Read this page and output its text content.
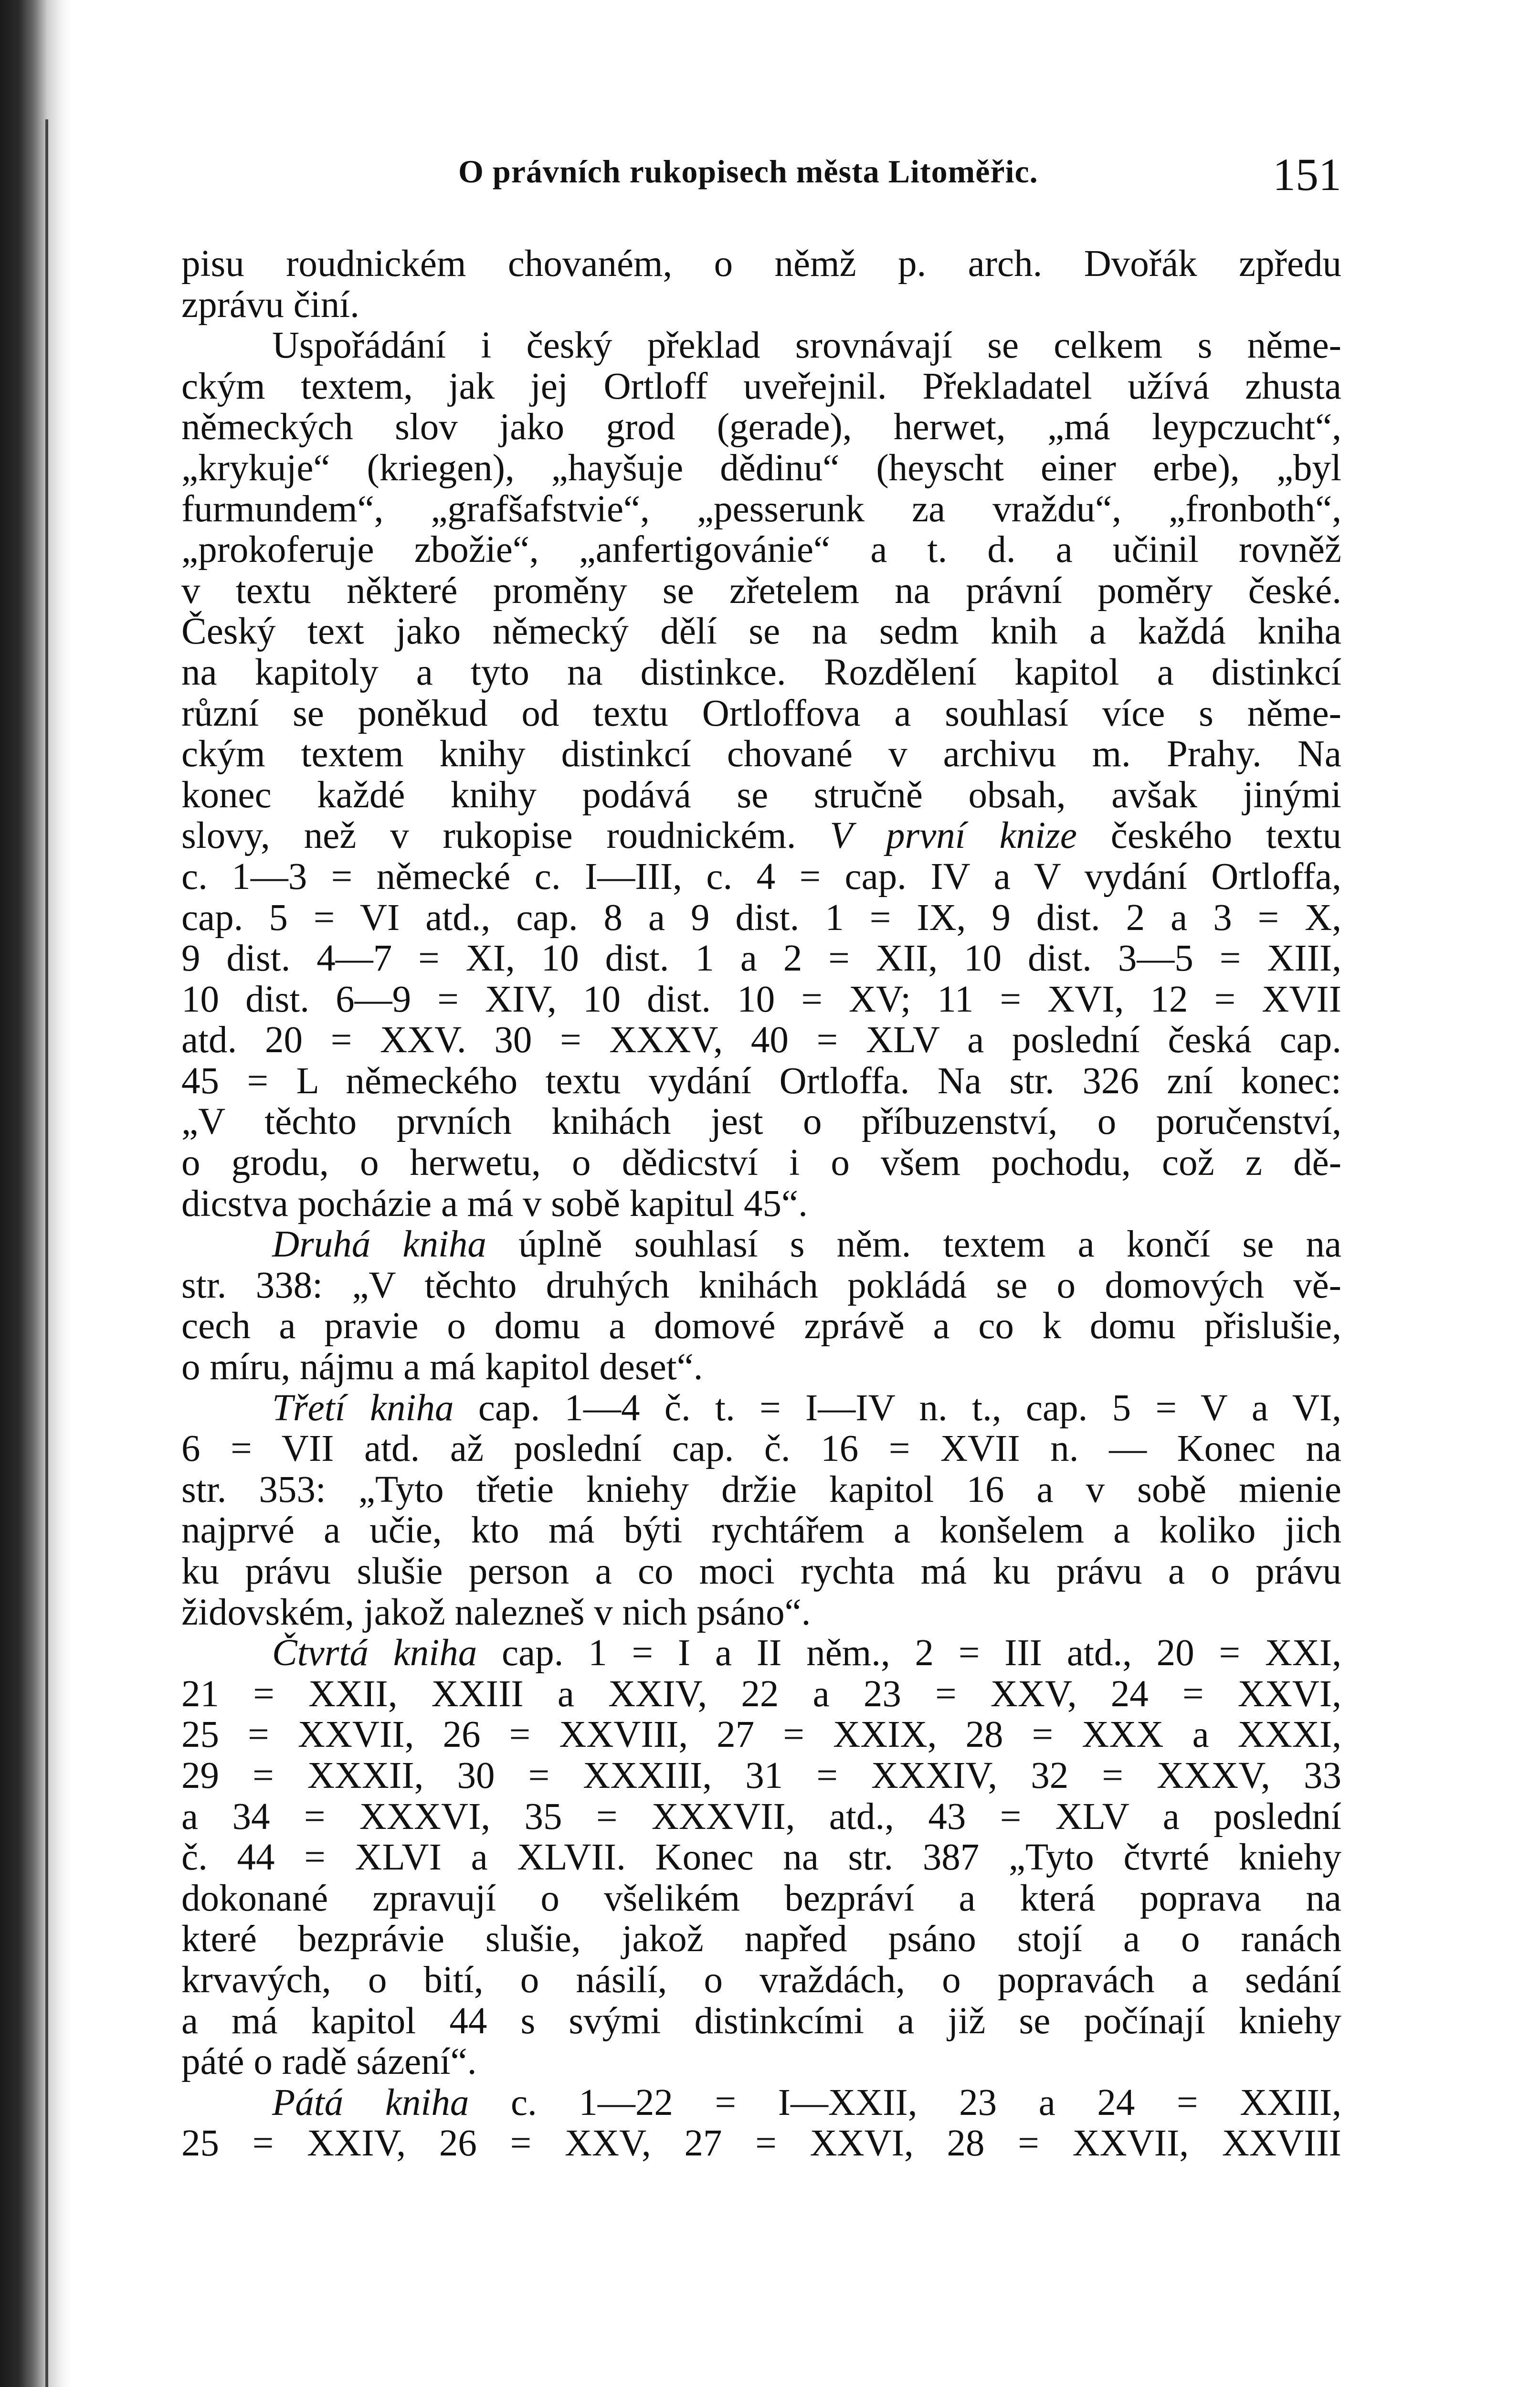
O právních rukopisech města Litoměřic.	151
pisu roudnickém chovaném, o němž p. arch. Dvořák zpředu
zprávu činí.
Uspořádání i český překlad srovnávají se celkem s něme-
ckým textem, jak jej Ortloff uveřejnil. Překladatel užívá zhusta
německých slov jako grod (gerade), herwet, „má leypczucht“,
„krykuje“ (kriegen), „hayšuje dědinu“ (heyscht einer erbe), „byl
furmundem“, „grafšafstvie“, „pesserunk za vraždu“, „fronboth“,
„prokoferuje zbožie“, „anfertigovánie“ a t. d. a učinil rovněž
v textu některé proměny se zřetelem na právní poměry české.
Český text jako německý dělí se na sedm knih a každá kniha
na kapitoly a tyto na distinkce. Rozdělení kapitol a distinkcí
různí se poněkud od textu Ortloffova a souhlasí více s něme-
ckým textem knihy distinkcí chované v archivu m. Prahy. Na
konec každé knihy podává se stručně obsah, avšak jinými
slovy, než v rukopise roudnickém. V první knize českého textu
c. 1—3 = německé c. I—III, c. 4 = cap. IV a V vydání Ortloffa,
cap. 5 = VI atd., cap. 8 a 9 dist. 1 = IX, 9 dist. 2 a 3 = X,
9 dist. 4—7 = XI, 10 dist. 1 a 2 = XII, 10 dist. 3—5 = XIII,
10 dist. 6—9 = XIV, 10 dist. 10 = XV; 11 = XVI, 12 = XVII
atd. 20 = XXV. 30 = XXXV, 40 = XLV a poslední česká cap.
45 = L německého textu vydání Ortloffa. Na str. 326 zní konec:
„V těchto prvních knihách jest o příbuzenství, o poručenství,
o grodu, o herwetu, o dědicství i o všem pochodu, což z dě-
dicstva pocházie a má v sobě kapitul 45“.
Druhá kniha úplně souhlasí s něm. textem a končí se na
str. 338: „V těchto druhých knihách pokládá se o domových vě-
cech a pravie o domu a domové zprávě a co k domu přislušie,
o míru, nájmu a má kapitol deset“.
Třetí kniha cap. 1—4 č. t. = I—IV n. t., cap. 5 = V a VI,
6 = VII atd. až poslední cap. č. 16 = XVII n. — Konec na
str. 353: „Tyto třetie kniehy držie kapitol 16 a v sobě mienie
najprvé a učie, kto má býti rychtářem a konšelem a koliko jich
ku právu slušie person a co moci rychta má ku právu a o právu
židovském, jakož nalezneš v nich psáno“.
Čtvrtá kniha cap. 1 = I a II něm., 2 = III atd., 20 = XXI,
21 = XXII, XXIII a XXIV, 22 a 23 = XXV, 24 = XXVI,
25 = XXVII, 26 = XXVIII, 27 = XXIX, 28 = XXX a XXXI,
29 = XXXII, 30 = XXXIII, 31 = XXXIV, 32 = XXXV, 33
a 34 = XXXVI, 35 = XXXVII, atd., 43 = XLV a poslední
č. 44 = XLVI a XLVII. Konec na str. 387 „Tyto čtvrté kniehy
dokonané zpravují o všelikém bezpráví a která poprava na
které bezprávie slušie, jakož napřed psáno stojí a o ranách
krvavých, o bití, o násilí, o vraždách, o popravách a sedání
a má kapitol 44 s svými distinkcími a již se počínají kniehy
páté o radě sázení“.
Pátá kniha c. 1—22 = I—XXII, 23 a 24 = XXIII,
25 = XXIV, 26 = XXV, 27 = XXVI, 28 = XXVII, XXVIII
